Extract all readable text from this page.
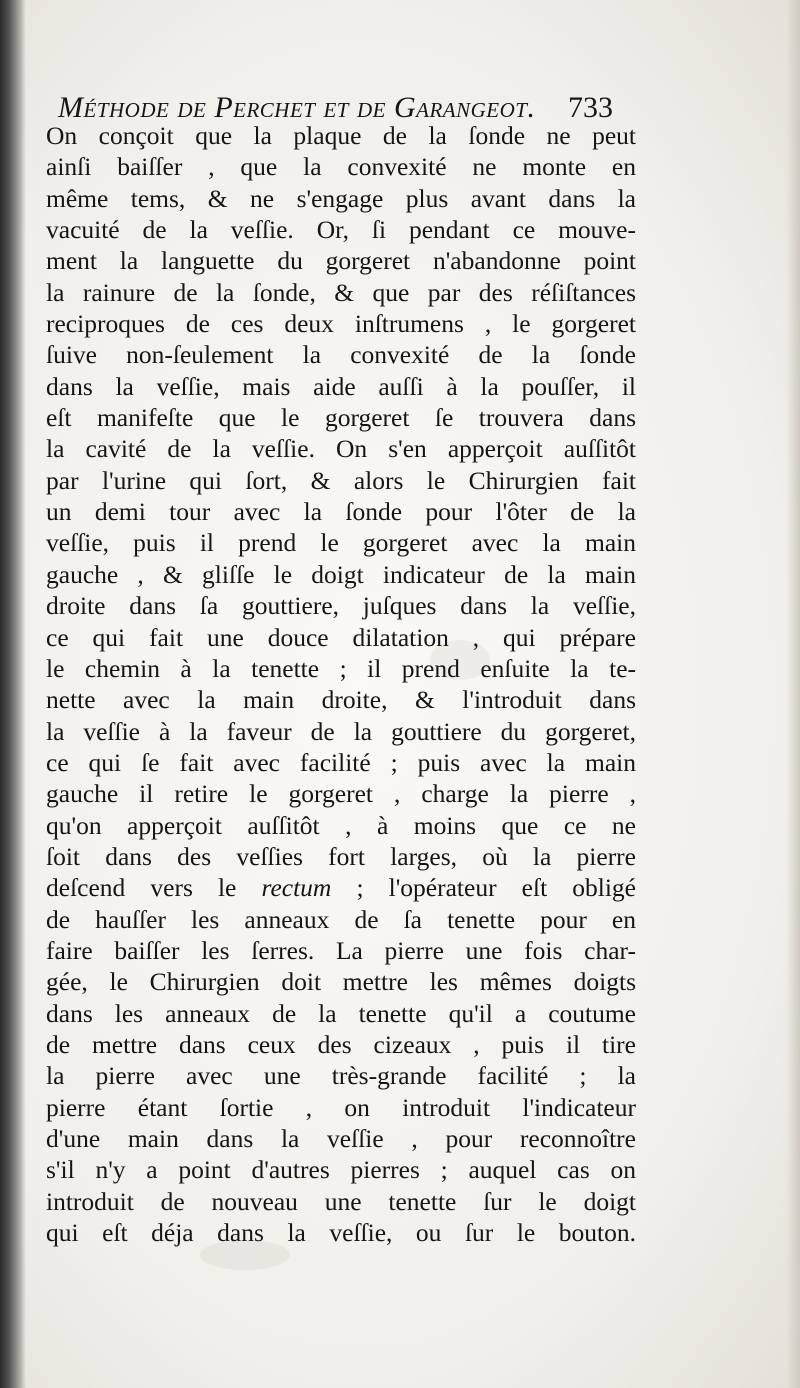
Méthode de Perchet et de Garangeot.	733
On conçoit que la plaque de la ſonde ne peut
ainſi baiſſer , que la convexité ne monte en
même tems, & ne s'engage plus avant dans la
vacuité de la veſſie. Or, ſi pendant ce mouve-
ment la languette du gorgeret n'abandonne point
la rainure de la ſonde, & que par des réſiſtances
reciproques de ces deux inſtrumens , le gorgeret
ſuive non-ſeulement la convexité de la ſonde
dans la veſſie, mais aide auſſi à la pouſſer, il
eſt manifeſte que le gorgeret ſe trouvera dans
la cavité de la veſſie. On s'en apperçoit auſſitôt
par l'urine qui ſort, & alors le Chirurgien fait
un demi tour avec la ſonde pour l'ôter de la
veſſie, puis il prend le gorgeret avec la main
gauche , & gliſſe le doigt indicateur de la main
droite dans ſa gouttiere, juſques dans la veſſie,
ce qui fait une douce dilatation , qui prépare
le chemin à la tenette ; il prend enſuite la te-
nette avec la main droite, & l'introduit dans
la veſſie à la faveur de la gouttiere du gorgeret,
ce qui ſe fait avec facilité ; puis avec la main
gauche il retire le gorgeret , charge la pierre ,
qu'on apperçoit auſſitôt , à moins que ce ne
ſoit dans des veſſies fort larges, où la pierre
deſcend vers le rectum ; l'opérateur eſt obligé
de hauſſer les anneaux de ſa tenette pour en
faire baiſſer les ſerres. La pierre une fois char-
gée, le Chirurgien doit mettre les mêmes doigts
dans les anneaux de la tenette qu'il a coutume
de mettre dans ceux des cizeaux , puis il tire
la pierre avec une très-grande facilité ; la
pierre étant ſortie , on introduit l'indicateur
d'une main dans la veſſie , pour reconnoître
s'il n'y a point d'autres pierres ; auquel cas on
introduit de nouveau une tenette ſur le doigt
qui eſt déja dans la veſſie, ou ſur le bouton.
